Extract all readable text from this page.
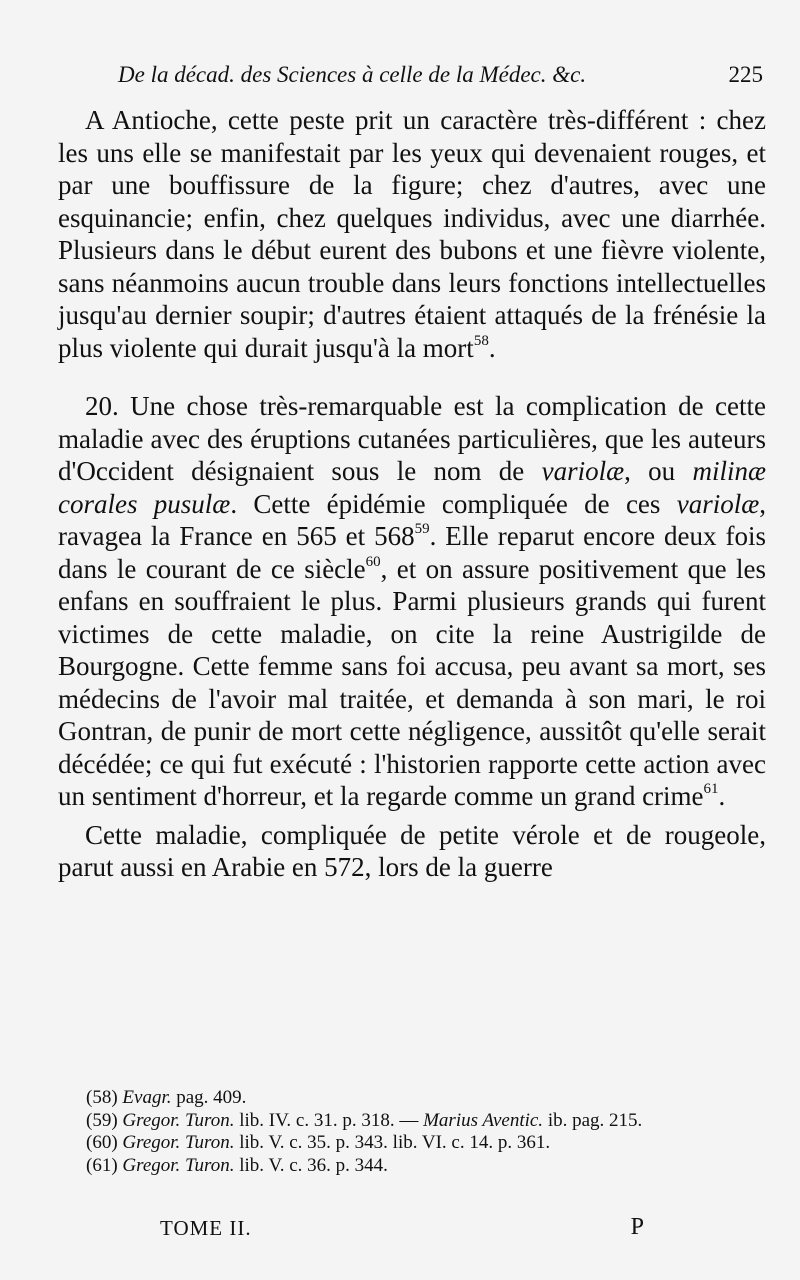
De la décad. des Sciences à celle de la Médec. &c.	225

A Antioche, cette peste prit un caractère très-différent : chez les uns elle se manifestait par les yeux qui devenaient rouges, et par une bouffissure de la figure; chez d'autres, avec une esquinancie; enfin, chez quelques individus, avec une diarrhée. Plusieurs dans le début eurent des bubons et une fièvre violente, sans néanmoins aucun trouble dans leurs fonctions intellectuelles jusqu'au dernier soupir; d'autres étaient attaqués de la frénésie la plus violente qui durait jusqu'à la mort$^{58}$.

20. Une chose très-remarquable est la complication de cette maladie avec des éruptions cutanées particulières, que les auteurs d'Occident désignaient sous le nom de variolæ, ou milinæ corales pusulæ. Cette épidémie compliquée de ces variolæ, ravagea la France en 565 et $568^{59}$. Elle reparut encore deux fois dans le courant de ce siècle$^{60}$, et on assure positivement que les enfans en souffraient le plus. Parmi plusieurs grands qui furent victimes de cette maladie, on cite la reine Austrigilde de Bourgogne. Cette femme sans foi accusa, peu avant sa mort, ses médecins de l'avoir mal traitée, et demanda à son mari, le roi Gontran, de punir de mort cette négligence, aussitôt qu'elle serait décédée; ce qui fut exécuté : l'historien rapporte cette action avec un sentiment d'horreur, et la regarde comme un grand crime$^{61}$.

Cette maladie, compliquée de petite vérole et de rougeole, parut aussi en Arabie en 572, lors de la guerre

(58) Evagr. pag. 409.

(59) Gregor. Turon. lib. IV. c. 31. p. 318. — Marius Aventic. ib. pag. 215.

(60) Gregor. Turon. lib. V. c. 35. p. 343. lib. VI. c. 14. p. 361.

(61) Gregor. Turon. lib. V. c. 36. p. 344.

TOME II.	P
